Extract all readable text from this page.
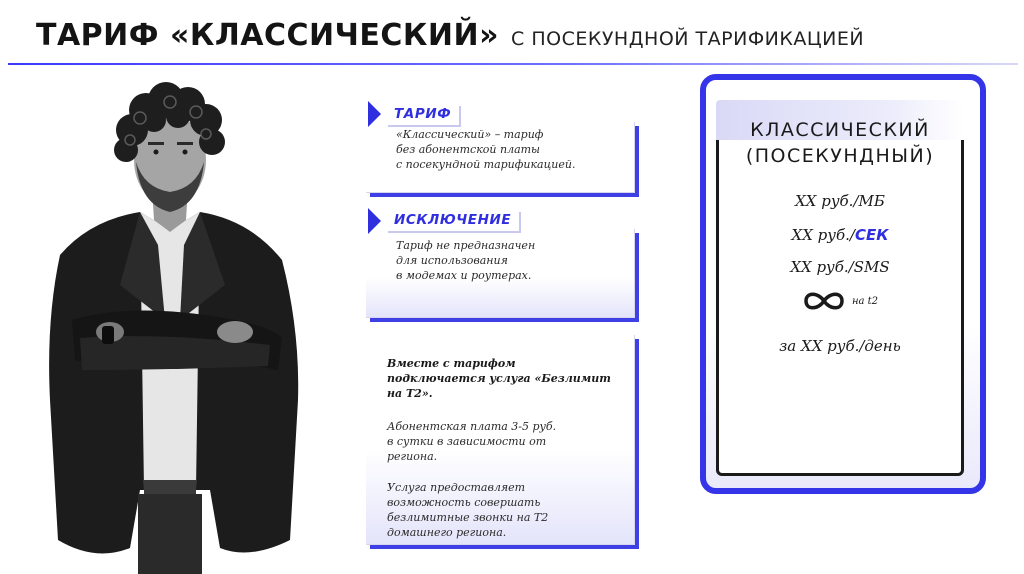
ТАРИФ «КЛАССИЧЕСКИЙ» С ПОСЕКУНДНОЙ ТАРИФИКАЦИЕЙ
ТАРИФ
«Классический» – тариф
без абонентской платы
с посекундной тарификацией.
ИСКЛЮЧЕНИЕ
Тариф не предназначен
для использования
в модемах и роутерах.
Вместе с тарифом
подключается услуга «Безлимит
на Т2».
Абонентская плата 3-5 руб.
в сутки в зависимости от
региона.
Услуга предоставляет
возможность совершать
безлимитные звонки на Т2
домашнего региона.
КЛАССИЧЕСКИЙ
(ПОСЕКУНДНЫЙ)
XX руб./МБ
XX руб./СЕК
XX руб./SMS
на t2
за XX руб./день
